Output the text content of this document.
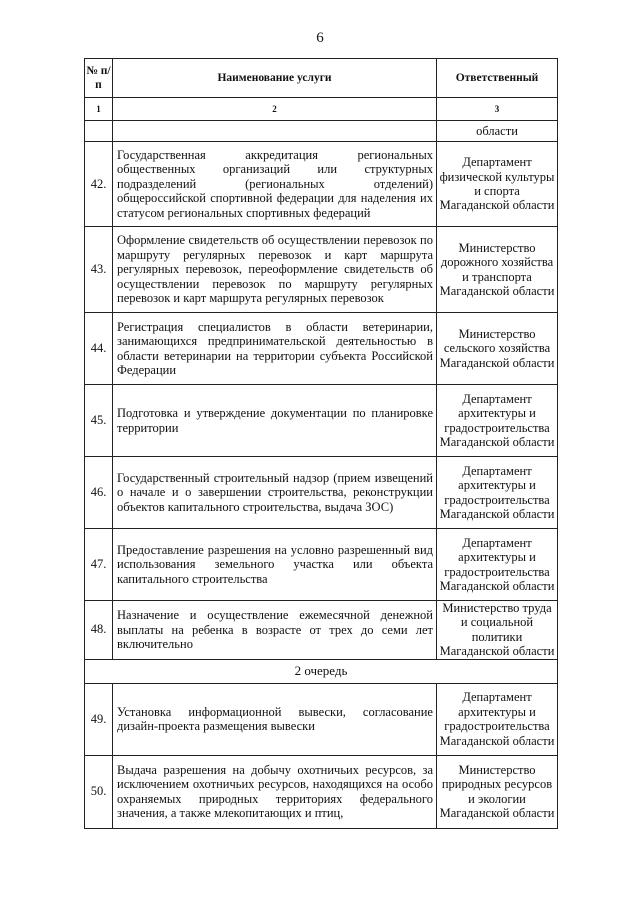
6
№ п/п	Наименование услуги	Ответственный
1	2	3
		области
42.	Государственная аккредитация региональных общественных организаций или структурных подразделений (региональных отделений) общероссийской спортивной федерации для наделения их статусом региональных спортивных федераций	Департамент физической культуры и спорта Магаданской области
43.	Оформление свидетельств об осуществлении перевозок по маршруту регулярных перевозок и карт маршрута регулярных перевозок, переоформление свидетельств об осуществлении перевозок по маршруту регулярных перевозок и карт маршрута регулярных перевозок	Министерство дорожного хозяйства и транспорта Магаданской области
44.	Регистрация специалистов в области ветеринарии, занимающихся предпринимательской деятельностью в области ветеринарии на территории субъекта Российской Федерации	Министерство сельского хозяйства Магаданской области
45.	Подготовка и утверждение документации по планировке территории	Департамент архитектуры и градостроительства Магаданской области
46.	Государственный строительный надзор (прием извещений о начале и о завершении строительства, реконструкции объектов капитального строительства, выдача ЗОС)	Департамент архитектуры и градостроительства Магаданской области
47.	Предоставление разрешения на условно разрешенный вид использования земельного участка или объекта капитального строительства	Департамент архитектуры и градостроительства Магаданской области
48.	Назначение и осуществление ежемесячной денежной выплаты на ребенка в возрасте от трех до семи лет включительно	Министерство труда и социальной политики Магаданской области
2 очередь		
49.	Установка информационной вывески, согласование дизайн-проекта размещения вывески	Департамент архитектуры и градостроительства Магаданской области
50.	Выдача разрешения на добычу охотничьих ресурсов, за исключением охотничьих ресурсов, находящихся на особо охраняемых природных территориях федерального значения, а также млекопитающих и птиц,	Министерство природных ресурсов и экологии Магаданской области
